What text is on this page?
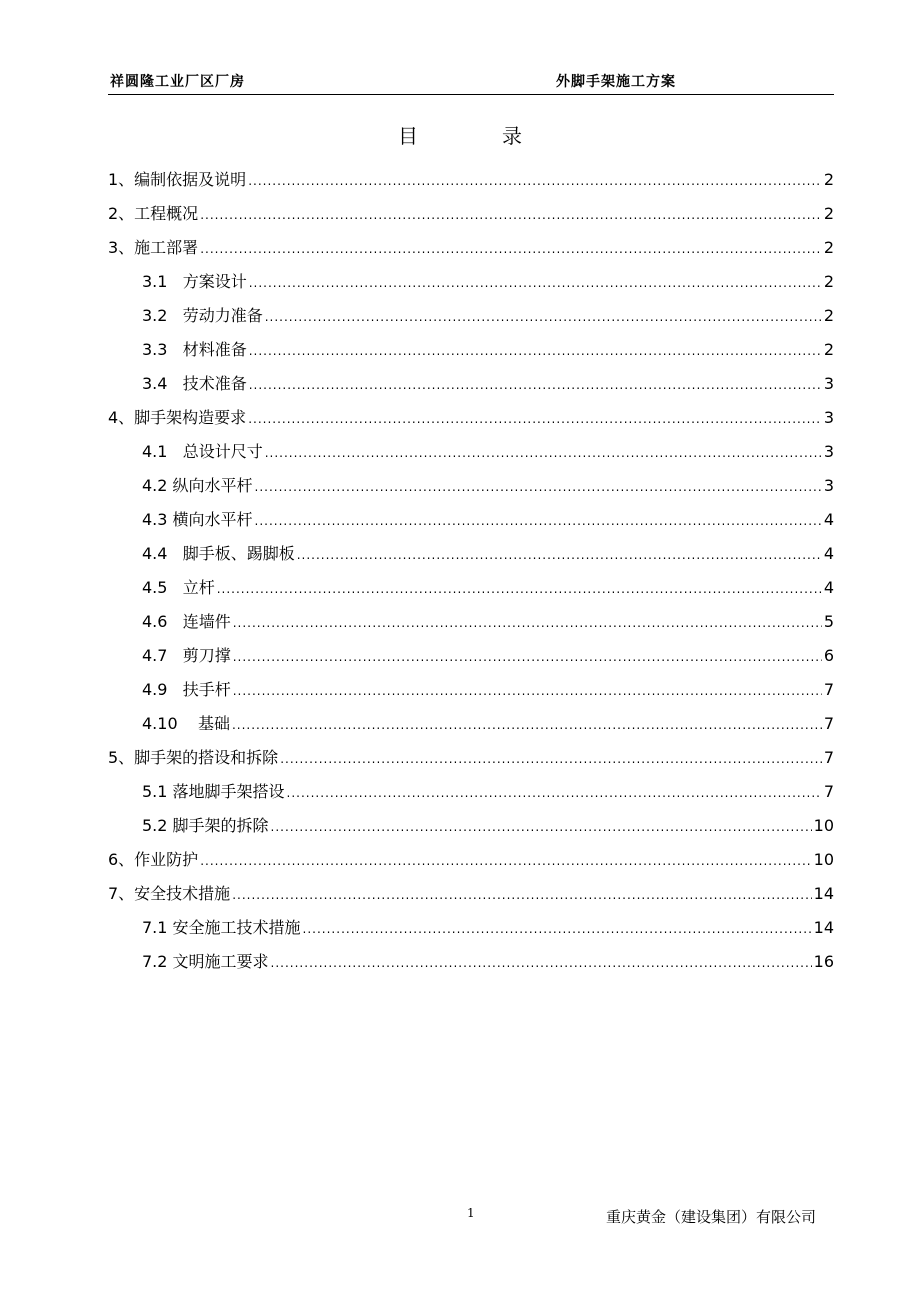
祥圆隆工业厂区厂房	外脚手架施工方案
目	录
1、编制依据及说明 .....	2
2、工程概况 .....	2
3、施工部署 .....	2
3.1   方案设计 .....	2
3.2   劳动力准备 .....	2
3.3   材料准备 .....	2
3.4   技术准备 .....	3
4、脚手架构造要求 .....	3
4.1   总设计尺寸 .....	3
4.2 纵向水平杆 .....	3
4.3 横向水平杆 .....	4
4.4   脚手板、踢脚板 .....	4
4.5   立杆 .....	4
4.6   连墙件 .....	5
4.7   剪刀撑 .....	6
4.9   扶手杆 .....	7
4.10    基础 .....	7
5、脚手架的搭设和拆除 .....	7
5.1 落地脚手架搭设 .....	7
5.2 脚手架的拆除 .....	10
6、作业防护 .....	10
7、安全技术措施 .....	14
7.1 安全施工技术措施 .....	14
7.2 文明施工要求 .....	16
1	重庆黄金（建设集团）有限公司
